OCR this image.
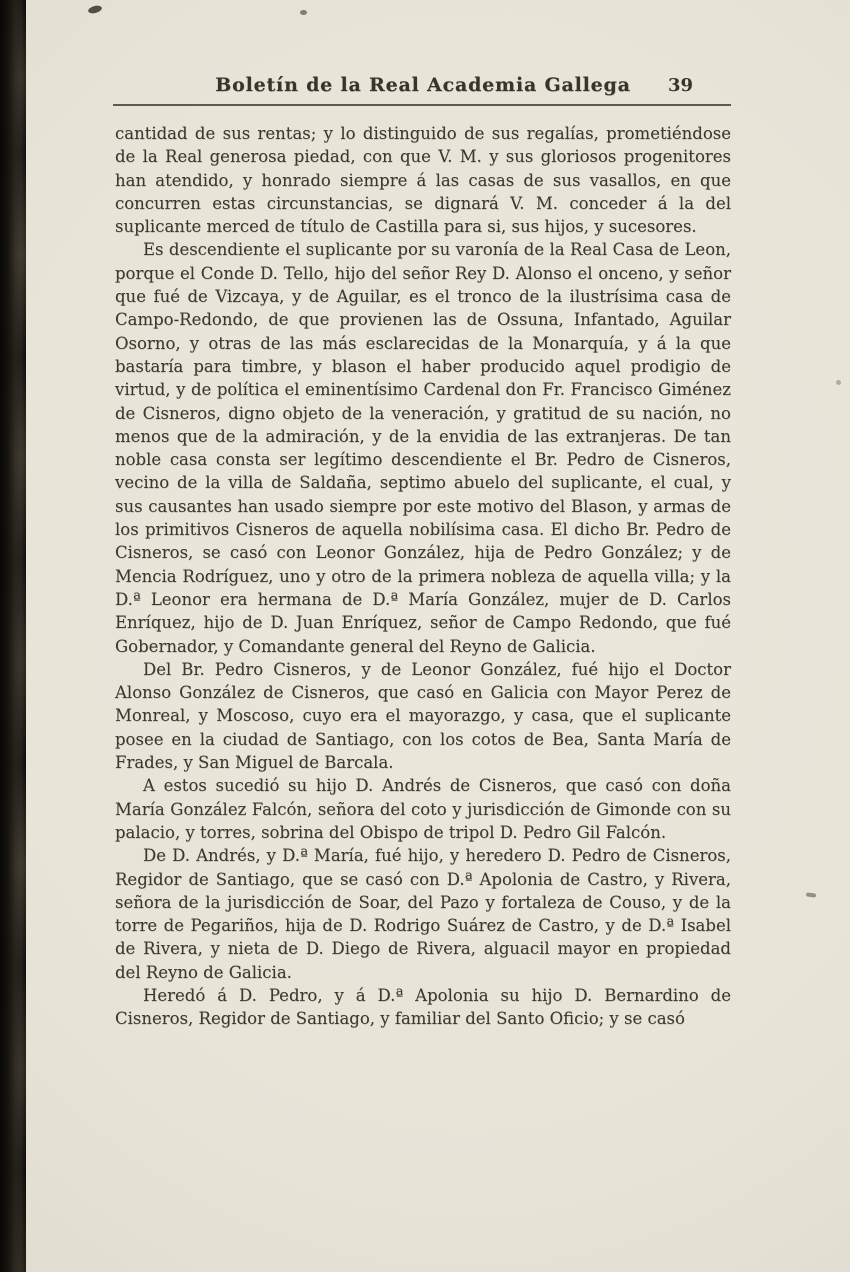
Boletín de la Real Academia Gallega 39

cantidad de sus rentas; y lo distinguido de sus regalías, prometiéndose de la Real generosa piedad, con que V. M. y sus gloriosos progenitores han atendido, y honrado siempre á las casas de sus vasallos, en que concurren estas circunstancias, se dignará V. M. conceder á la del suplicante merced de título de Castilla para si, sus hijos, y sucesores.

Es descendiente el suplicante por su varonía de la Real Casa de Leon, porque el Conde D. Tello, hijo del señor Rey D. Alonso el onceno, y señor que fué de Vizcaya, y de Aguilar, es el tronco de la ilustrísima casa de Campo-Redondo, de que provienen las de Ossuna, Infantado, Aguilar Osorno, y otras de las más esclarecidas de la Monarquía, y á la que bastaría para timbre, y blason el haber producido aquel prodigio de virtud, y de política el eminentísimo Cardenal don Fr. Francisco Giménez de Cisneros, digno objeto de la veneración, y gratitud de su nación, no menos que de la admiración, y de la envidia de las extranjeras. De tan noble casa consta ser legítimo descendiente el Br. Pedro de Cisneros, vecino de la villa de Saldaña, septimo abuelo del suplicante, el cual, y sus causantes han usado siempre por este motivo del Blason, y armas de los primitivos Cisneros de aquella nobilísima casa. El dicho Br. Pedro de Cisneros, se casó con Leonor González, hija de Pedro González; y de Mencia Rodríguez, uno y otro de la primera nobleza de aquella villa; y la D.ª Leonor era hermana de D.ª María González, mujer de D. Carlos Enríquez, hijo de D. Juan Enríquez, señor de Campo Redondo, que fué Gobernador, y Comandante general del Reyno de Galicia.

Del Br. Pedro Cisneros, y de Leonor González, fué hijo el Doctor Alonso González de Cisneros, que casó en Galicia con Mayor Perez de Monreal, y Moscoso, cuyo era el mayorazgo, y casa, que el suplicante posee en la ciudad de Santiago, con los cotos de Bea, Santa María de Frades, y San Miguel de Barcala.

A estos sucedió su hijo D. Andrés de Cisneros, que casó con doña María González Falcón, señora del coto y jurisdicción de Gimonde con su palacio, y torres, sobrina del Obispo de tripol D. Pedro Gil Falcón.

De D. Andrés, y D.ª María, fué hijo, y heredero D. Pedro de Cisneros, Regidor de Santiago, que se casó con D.ª Apolonia de Castro, y Rivera, señora de la jurisdicción de Soar, del Pazo y fortaleza de Couso, y de la torre de Pegariños, hija de D. Rodrigo Suárez de Castro, y de D.ª Isabel de Rivera, y nieta de D. Diego de Rivera, alguacil mayor en propiedad del Reyno de Galicia.

Heredó á D. Pedro, y á D.ª Apolonia su hijo D. Bernardino de Cisneros, Regidor de Santiago, y familiar del Santo Oficio; y se casó
